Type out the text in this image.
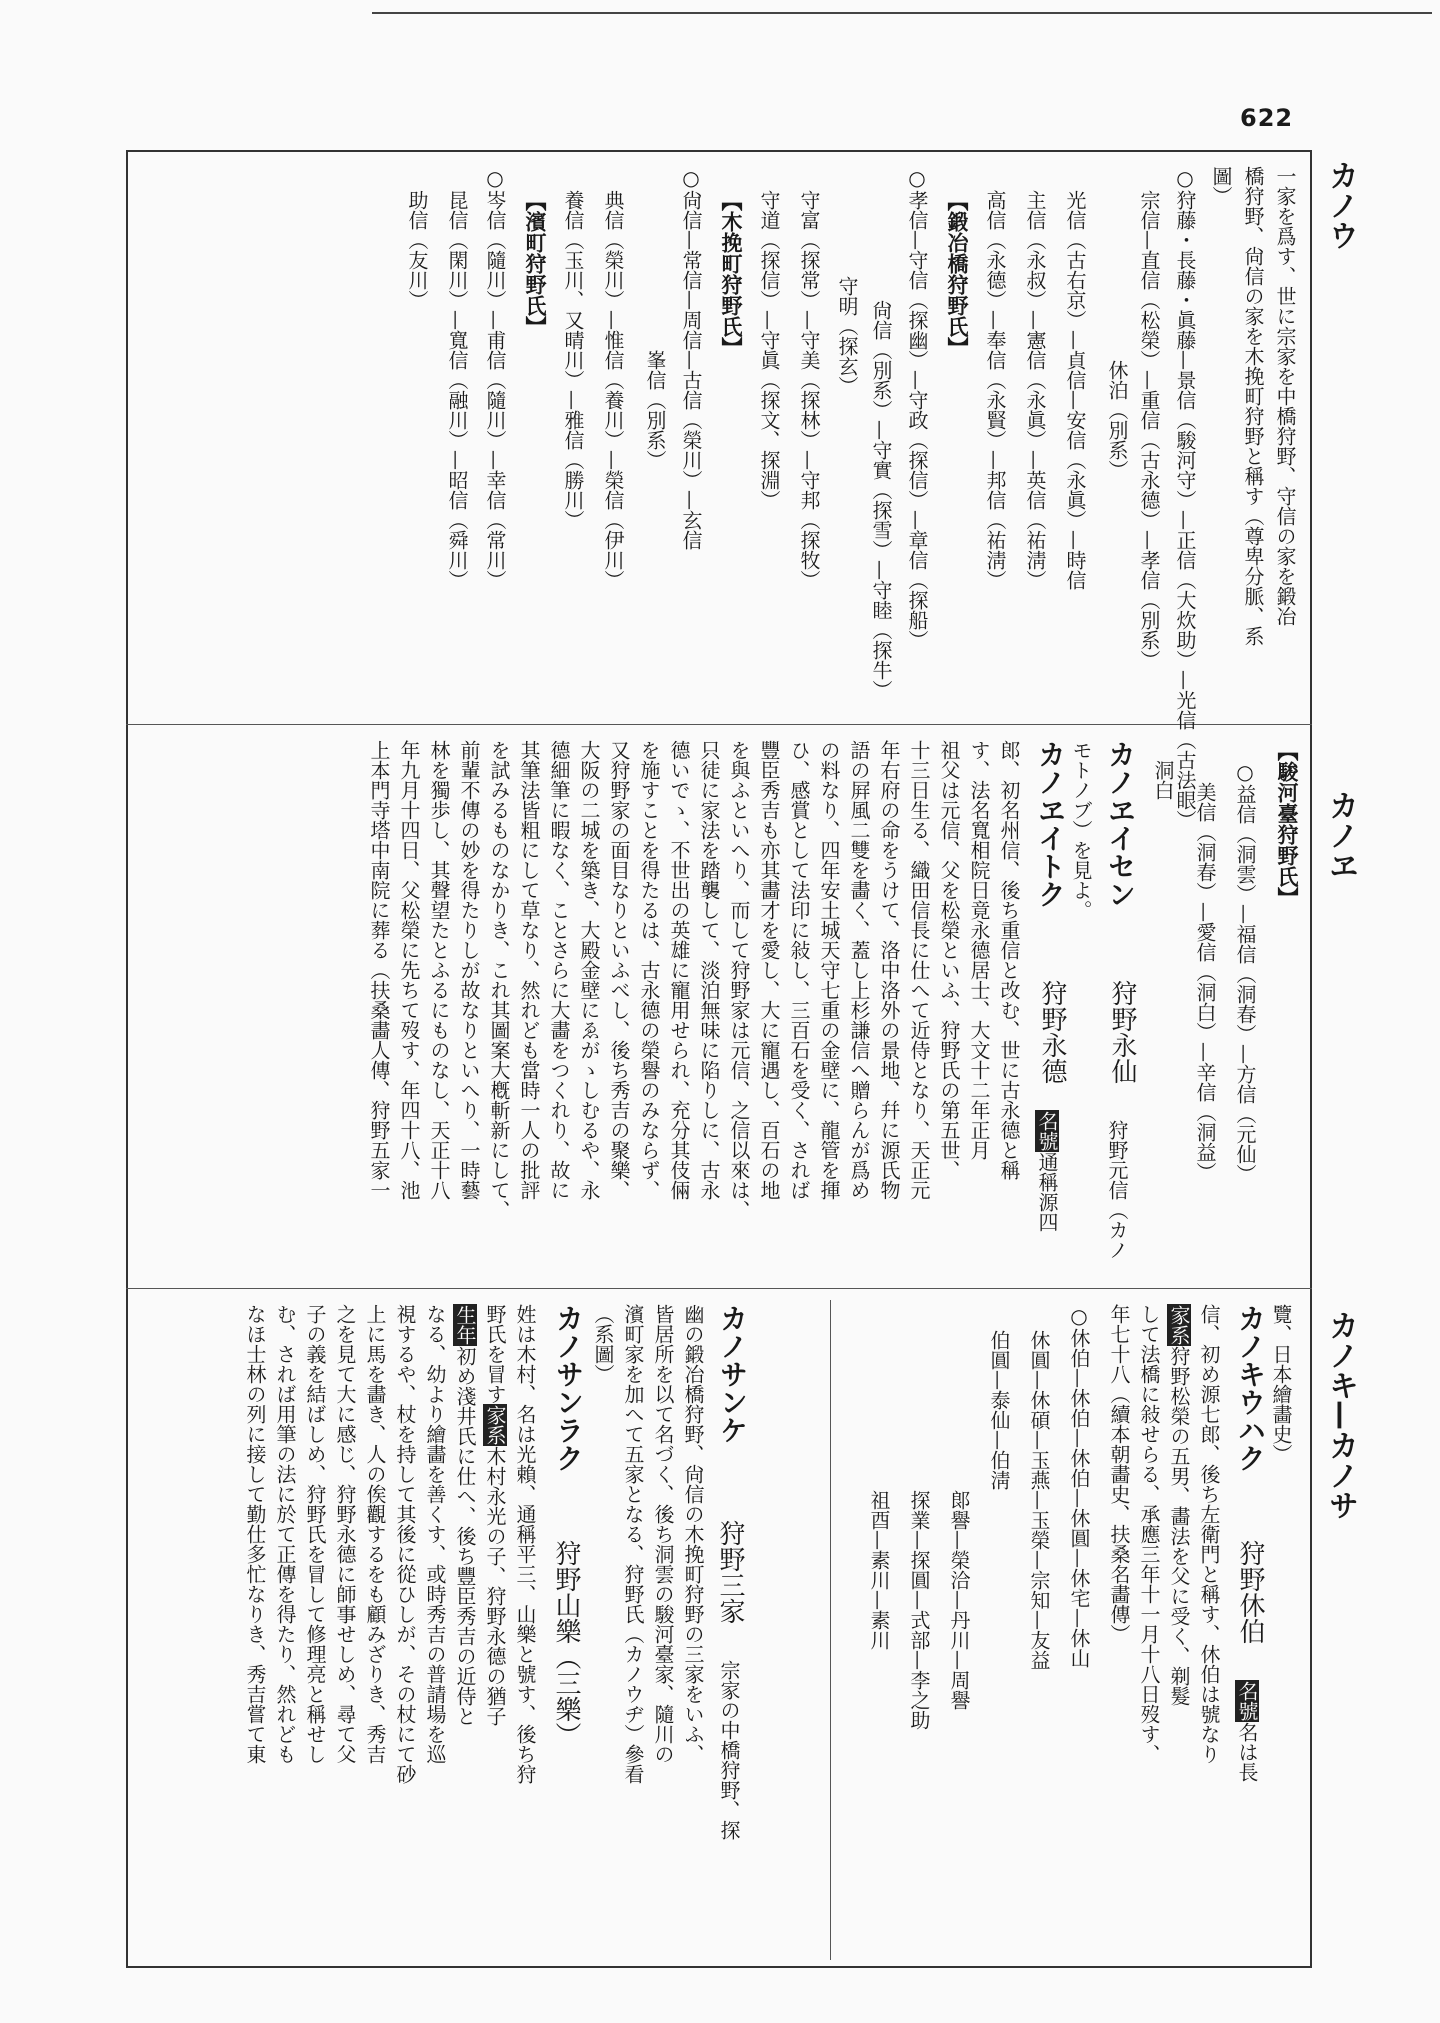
622
カノウ
カノヱ
カノキ—カノサ
一家を爲す、世に宗家を中橋狩野、守信の家を鍛冶
橋狩野、尙信の家を木挽町狩野と稱す（尊卑分脈、系
圖）
○狩藤・長藤・眞藤—景信（駿河守）—正信（大炊助）—光信（古法眼）
宗信—直信（松榮）—重信（古永德）—孝信（別系）
休泊（別系）
光信（古右京）—貞信—安信（永眞）—時信
主信（永叔）—憲信（永眞）—英信（祐淸）
高信（永德）—奉信（永賢）—邦信（祐淸）
【鍛冶橋狩野氏】
○孝信—守信（探幽）—守政（探信）—章信（探船）
尙信（別系）—守實（探雪）—守睦（探牛）
守明（探玄）
守富（探常）—守美（探林）—守邦（探牧）
守道（探信）—守眞（探文、探淵）
【木挽町狩野氏】
○尙信—常信—周信—古信（榮川）—玄信
峯信（別系）
典信（榮川）—惟信（養川）—榮信（伊川）
養信（玉川、又晴川）—雅信（勝川）
【濱町狩野氏】
○岑信（隨川）—甫信（隨川）—幸信（常川）
昆信（閑川）—寬信（融川）—昭信（舜川）
助信（友川）
【駿河臺狩野氏】
○益信（洞雲）—福信（洞春）—方信（元仙）
美信（洞春）—愛信（洞白）—辛信（洞益）
洞白
カノヱイセン
狩野永仙
モトノブ）を見よ。
狩野元信（カノ
カノヱイトク
狩野永德
名號通稱源四
郎、初名州信、後ち重信と改む、世に古永德と稱
す、法名寬相院日竟永德居士、大文十二年正月
祖父は元信、父を松榮といふ、狩野氏の第五世、
十三日生る、織田信長に仕へて近侍となり、天正元
年右府の命をうけて、洛中洛外の景地、幷に源氏物
語の屛風二雙を畵く、蓋し上杉謙信へ贈らんが爲め
の料なり、四年安土城天守七重の金壁に、龍管を揮
ひ、感賞として法印に敍し、三百石を受く、されば
豐臣秀吉も亦其畵才を愛し、大に寵遇し、百石の地
を與ふといへり、而して狩野家は元信、之信以來は、
只徒に家法を踏襲して、淡泊無味に陷りしに、古永
德いでゝ、不世出の英雄に寵用せられ、充分其伎倆
を施すことを得たるは、古永德の榮譽のみならず、
又狩野家の面目なりといふべし、後ち秀吉の聚樂、
大阪の二城を築き、大殿金壁にゑがゝしむるや、永
德細筆に暇なく、ことさらに大畵をつくれり、故に
其筆法皆粗にして草なり、然れども當時一人の批評
を試みるものなかりき、これ其圖案大槪斬新にして、
前輩不傳の妙を得たりしが故なりといへり、一時藝
林を獨歩し、其聲望たとふるにものなし、天正十八
年九月十四日、父松榮に先ちて歿す、年四十八、池
上本門寺塔中南院に葬る（扶桑畵人傳、狩野五家一
覽、日本繪畵史）
カノキウハク
狩野休伯
名號名は長
信、初め源七郎、後ち左衛門と稱す、休伯は號なり
家系狩野松榮の五男、畵法を父に受く、剃髮
して法橋に敍せらる、承應三年十一月十八日歿す、
年七十八（續本朝畵史、扶桑名畵傳）
○休伯—休伯—休伯—休圓—休宅—休山
休圓—休碩—玉燕—玉榮—宗知—友益
伯圓—泰仙—伯淸
郞譽—榮洽—丹川—周譽
探業—探圓—式部—李之助
祖酉—素川—素川
カノサンケ
狩野三家
宗家の中橋狩野、探
幽の鍛冶橋狩野、尙信の木挽町狩野の三家をいふ、
皆居所を以て名づく、後ち洞雲の駿河臺家、隨川の
濱町家を加へて五家となる、狩野氏（カノウヂ）參看
（系圖）
カノサンラク
狩野山樂（三樂）
姓は木村、名は光賴、通稱平三、山樂と號す、後ち狩
野氏を冒す家系木村永光の子、狩野永德の猶子
生年初め淺井氏に仕へ、後ち豐臣秀吉の近侍と
なる、幼より繪畵を善くす、或時秀吉の普請場を巡
視するや、杖を持して其後に從ひしが、その杖にて砂
上に馬を畵き、人の俟觀するをも顧みざりき、秀吉
之を見て大に感じ、狩野永德に師事せしめ、尋て父
子の義を結ばしめ、狩野氏を冒して修理亮と稱せし
む、されば用筆の法に於て正傳を得たり、然れども
なほ士林の列に接して勤仕多忙なりき、秀吉嘗て東
